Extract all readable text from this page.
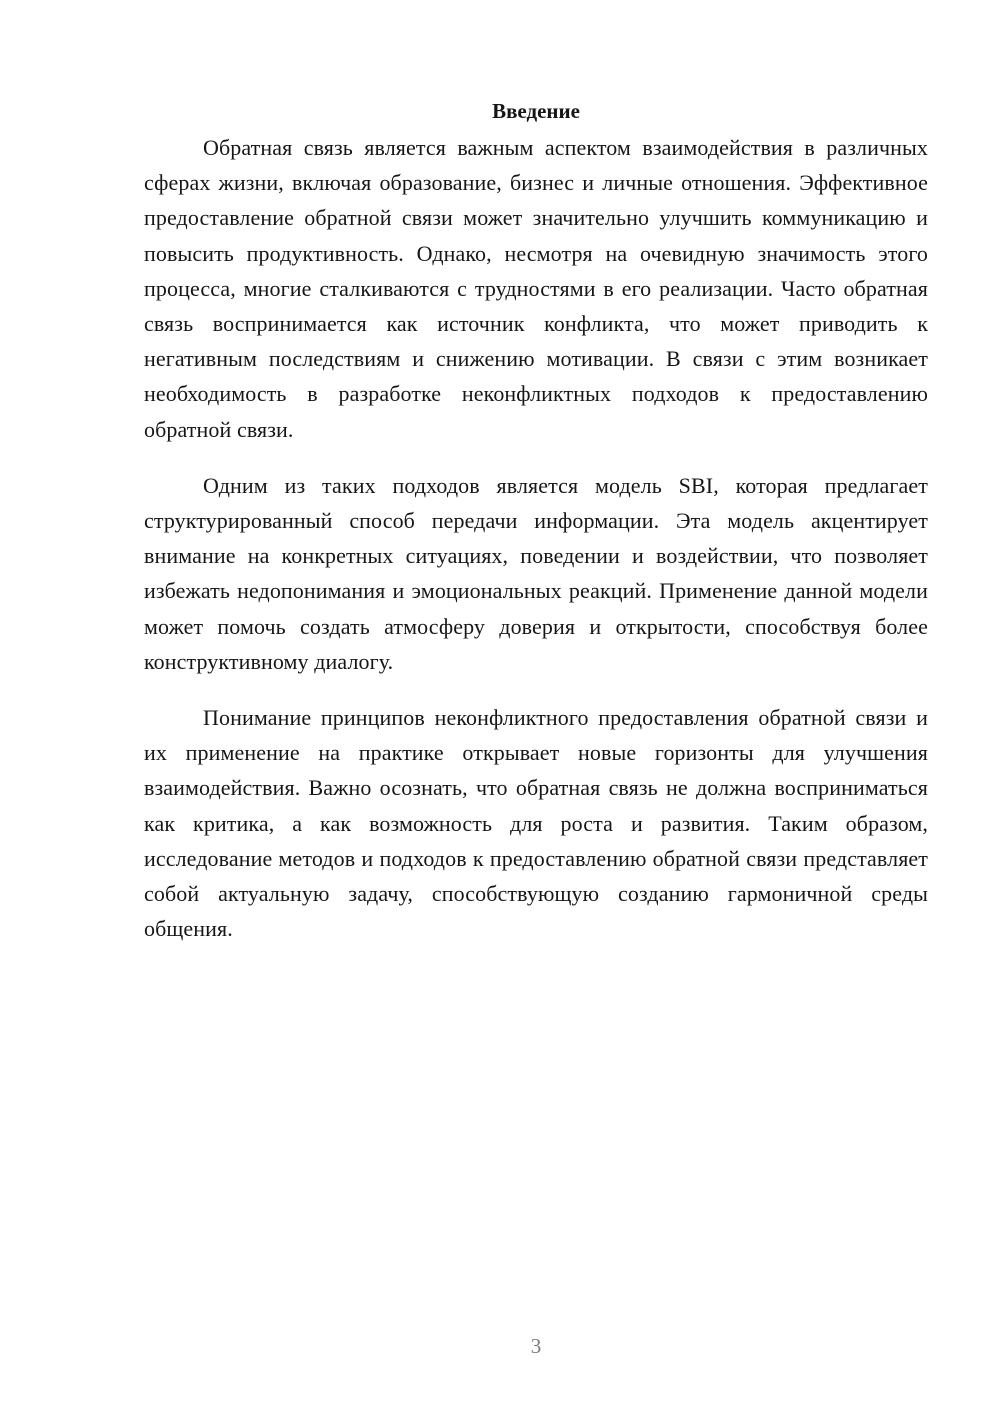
Введение

Обратная связь является важным аспектом взаимодействия в различных сферах жизни, включая образование, бизнес и личные отношения. Эффективное предоставление обратной связи может значительно улучшить коммуникацию и повысить продуктивность. Однако, несмотря на очевидную значимость этого процесса, многие сталкиваются с трудностями в его реализации. Часто обратная связь воспринимается как источник конфликта, что может приводить к негативным последствиям и снижению мотивации. В связи с этим возникает необходимость в разработке неконфликтных подходов к предоставлению обратной связи.

Одним из таких подходов является модель SBI, которая предлагает структурированный способ передачи информации. Эта модель акцентирует внимание на конкретных ситуациях, поведении и воздействии, что позволяет избежать недопонимания и эмоциональных реакций. Применение данной модели может помочь создать атмосферу доверия и открытости, способствуя более конструктивному диалогу.

Понимание принципов неконфликтного предоставления обратной связи и их применение на практике открывает новые горизонты для улучшения взаимодействия. Важно осознать, что обратная связь не должна восприниматься как критика, а как возможность для роста и развития. Таким образом, исследование методов и подходов к предоставлению обратной связи представляет собой актуальную задачу, способствующую созданию гармоничной среды общения.

3
